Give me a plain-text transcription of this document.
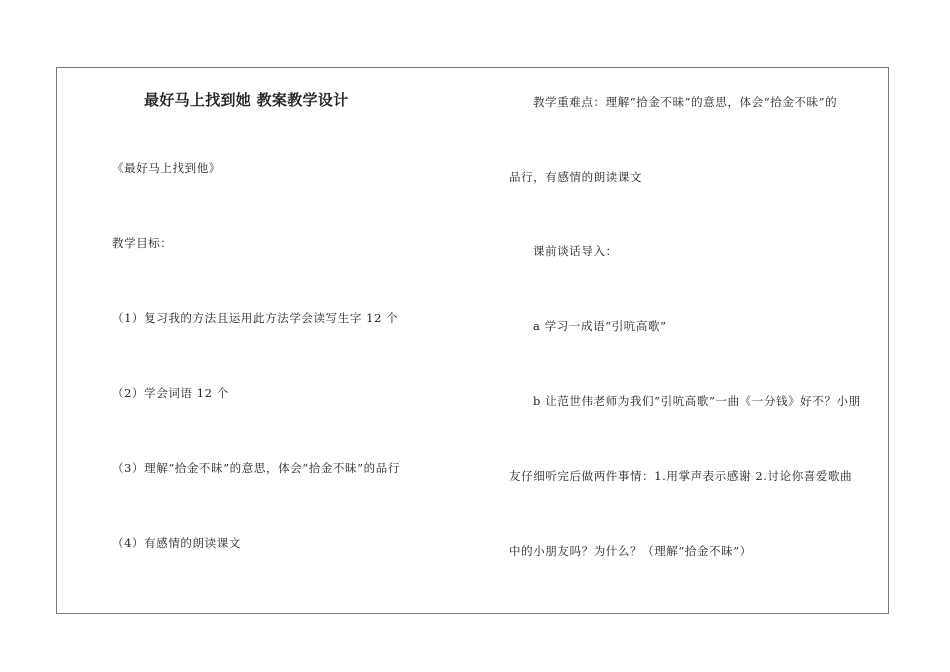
最好马上找到她 教案教学设计
《最好马上找到他》
教学目标：
（1）复习我的方法且运用此方法学会读写生字 12 个
（2）学会词语 12 个
（3）理解“拾金不昧”的意思，体会“拾金不昧”的品行
（4）有感情的朗读课文
教学重难点：理解“拾金不昧”的意思，体会“拾金不昧”的
品行，有感情的朗读课文
课前谈话导入：
a 学习一成语“引吭高歌”
b 让范世伟老师为我们“引吭高歌”一曲《一分钱》好不？小朋
友仔细听完后做两件事情：1.用掌声表示感谢 2.讨论你喜爱歌曲
中的小朋友吗？为什么？（理解“拾金不昧”）
